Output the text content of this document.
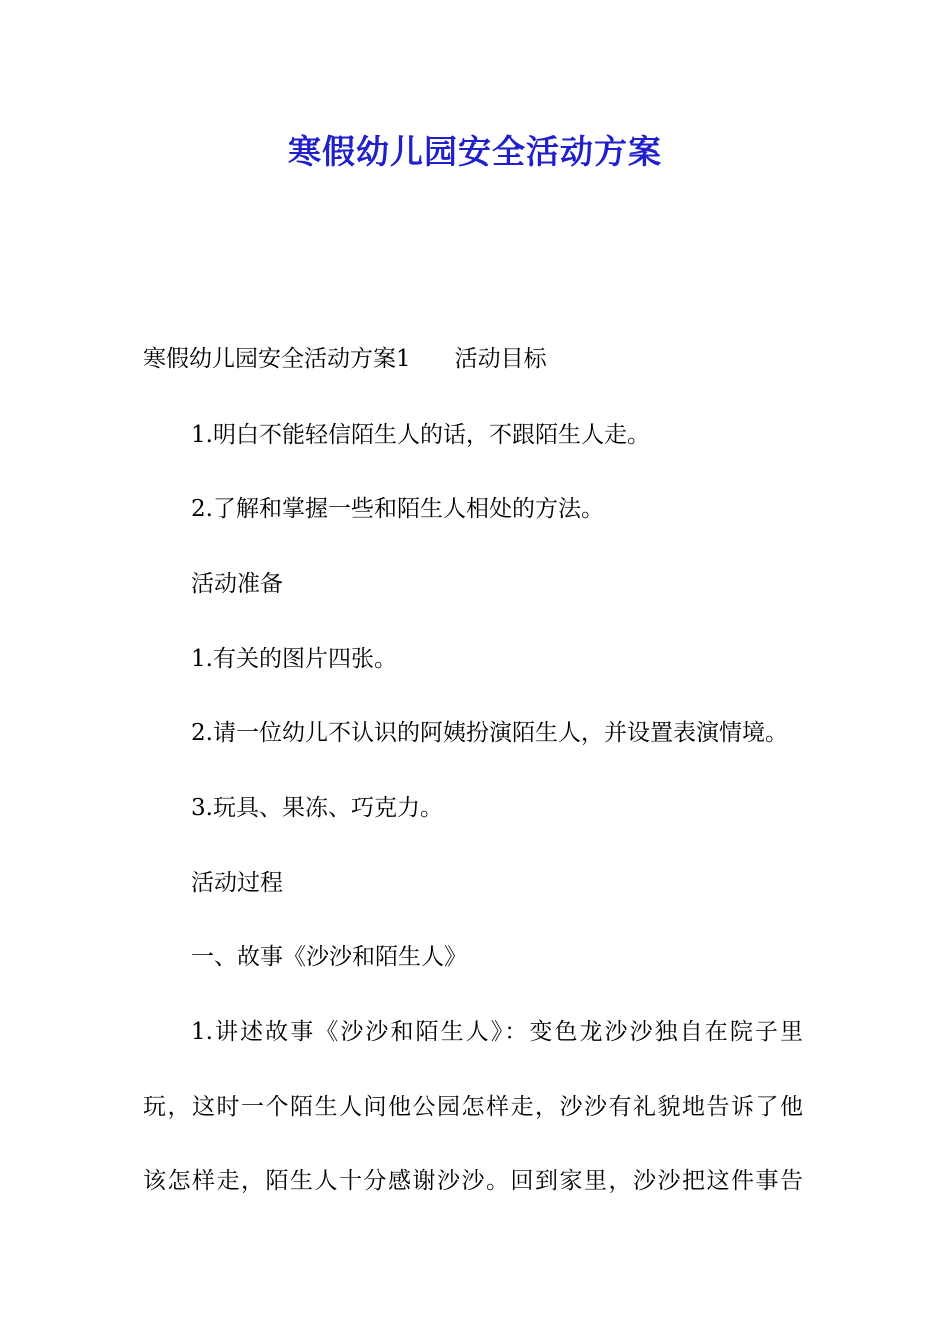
寒假幼儿园安全活动方案
寒假幼儿园安全活动方案1 活动目标
1.明白不能轻信陌生人的话，不跟陌生人走。
2.了解和掌握一些和陌生人相处的方法。
活动准备
1.有关的图片四张。
2.请一位幼儿不认识的阿姨扮演陌生人，并设置表演情境。
3.玩具、果冻、巧克力。
活动过程
一、故事《沙沙和陌生人》
1.讲述故事《沙沙和陌生人》：变色龙沙沙独自在院子里
玩，这时一个陌生人问他公园怎样走，沙沙有礼貌地告诉了他
该怎样走，陌生人十分感谢沙沙。回到家里，沙沙把这件事告
